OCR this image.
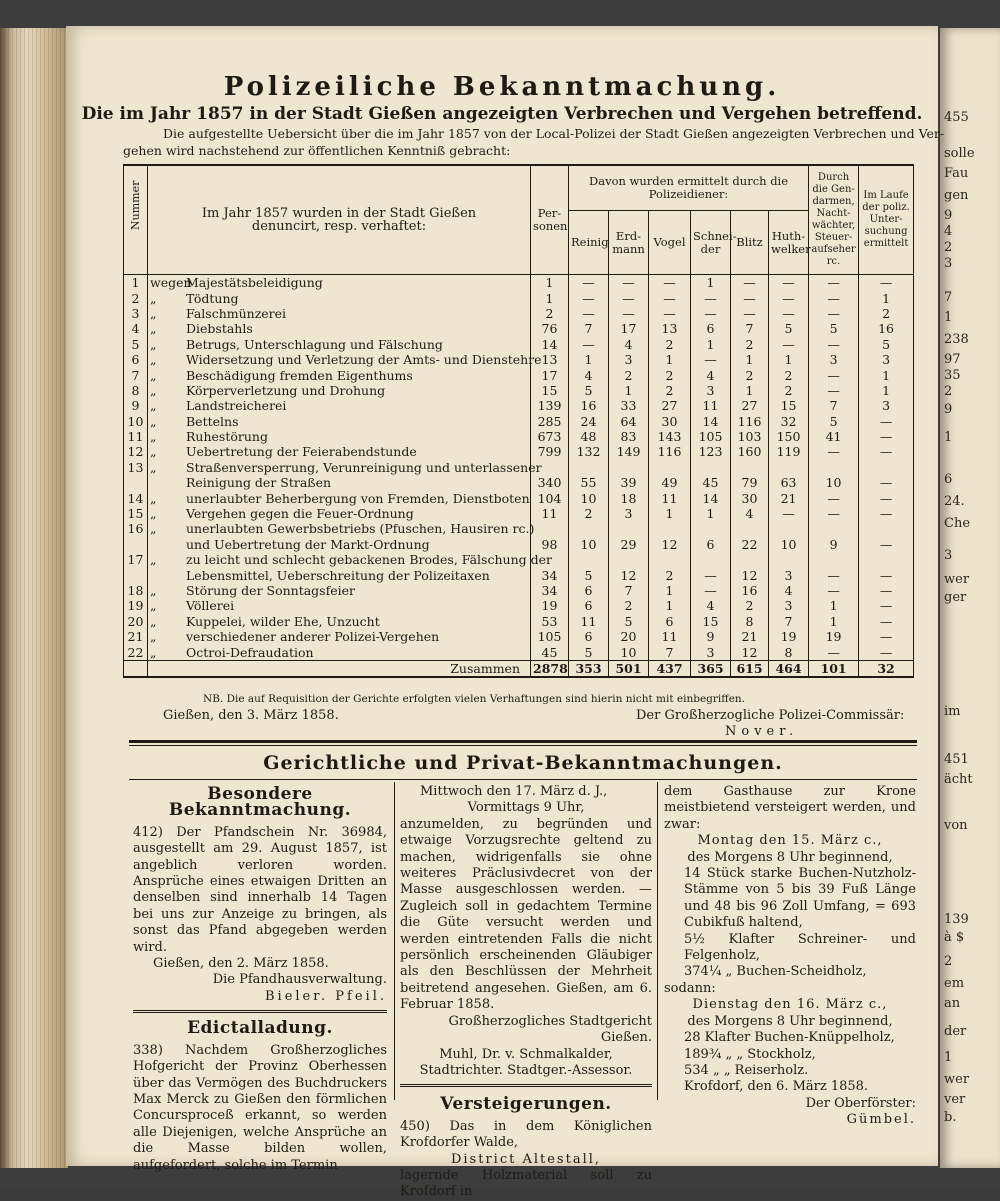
455
solle
Fau
gen
9
4
2
3
7
1
238
97
35
2
9
1
6
24.
Che
3
wer
ger
im
451
ächt
von
139
à $
2
em
an
der
1
wer
ver
b.
Polizeiliche Bekanntmachung.
Die im Jahr 1857 in der Stadt Gießen angezeigten Verbrechen und Vergehen betreffend.
Die aufgestellte Uebersicht über die im Jahr 1857 von der Local-Polizei der Stadt Gießen angezeigten Verbrechen und Ver-
gehen wird nachstehend zur öffentlichen Kenntniß gebracht:
Nummer	Im Jahr 1857 wurden in der Stadt Gießen denuncirt, resp. verhaftet:	Per-sonen	Davon wurden ermittelt durch die Polizeidiener:						Durch die Gen-darmen, Nacht-wächter, Steuer-aufseher rc.	Im Laufe der poliz. Unter-suchung ermittelt
			Reinig	Erd-mann	Vogel	Schnei-der	Blitz	Huth-welker		
1	wegenMajestätsbeleidigung	1	—	—	—	1	—	—	—	—
2	„ Tödtung	1	—	—	—	—	—	—	—	1
3	„ Falschmünzerei	2	—	—	—	—	—	—	—	2
4	„ Diebstahls	76	7	17	13	6	7	5	5	16
5	„ Betrugs, Unterschlagung und Fälschung	14	—	4	2	1	2	—	—	5
6	„ Widersetzung und Verletzung der Amts- und Dienstehre	13	1	3	1	—	1	1	3	3
7	„ Beschädigung fremden Eigenthums	17	4	2	2	4	2	2	—	1
8	„ Körperverletzung und Drohung	15	5	1	2	3	1	2	—	1
9	„ Landstreicherei	139	16	33	27	11	27	15	7	3
10	„ Bettelns	285	24	64	30	14	116	32	5	—
11	„ Ruhestörung	673	48	83	143	105	103	150	41	—
12	„ Uebertretung der Feierabendstunde	799	132	149	116	123	160	119	—	—
13	„ Straßenversperrung, Verunreinigung und unterlassener									
	Reinigung der Straßen	340	55	39	49	45	79	63	10	—
14	„ unerlaubter Beherbergung von Fremden, Dienstboten	104	10	18	11	14	30	21	—	—
15	„ Vergehen gegen die Feuer-Ordnung	11	2	3	1	1	4	—	—	—
16	„ unerlaubten Gewerbsbetriebs (Pfuschen, Hausiren rc.)									
	und Uebertretung der Markt-Ordnung	98	10	29	12	6	22	10	9	—
17	„ zu leicht und schlecht gebackenen Brodes, Fälschung der									
	Lebensmittel, Ueberschreitung der Polizeitaxen	34	5	12	2	—	12	3	—	—
18	„ Störung der Sonntagsfeier	34	6	7	1	—	16	4	—	—
19	„ Völlerei	19	6	2	1	4	2	3	1	—
20	„ Kuppelei, wilder Ehe, Unzucht	53	11	5	6	15	8	7	1	—
21	„ verschiedener anderer Polizei-Vergehen	105	6	20	11	9	21	19	19	—
22	„ Octroi-Defraudation	45	5	10	7	3	12	8	—	—
	Zusammen	2878	353	501	437	365	615	464	101	32
NB. Die auf Requisition der Gerichte erfolgten vielen Verhaftungen sind hierin nicht mit einbegriffen.
Gießen, den 3. März 1858.	Der Großherzogliche Polizei-Commissär:
Nover.
Gerichtliche und Privat-Bekanntmachungen.
Besondere Bekanntmachung.

412) Der Pfandschein Nr. 36984, ausgestellt am 29. August 1857, ist angeblich verloren worden. Ansprüche eines etwaigen Dritten an denselben sind innerhalb 14 Tagen bei uns zur Anzeige zu bringen, als sonst das Pfand abgegeben werden wird.

Gießen, den 2. März 1858.

Die Pfandhausverwaltung.

Bieler. Pfeil.

Edictalladung.

338) Nachdem Großherzogliches Hofgericht der Provinz Oberhessen über das Vermögen des Buchdruckers Max Merck zu Gießen den förmlichen Concursproceß erkannt, so werden alle Diejenigen, welche Ansprüche an die Masse bilden wollen, aufgefordert, solche im Termin

Mittwoch den 17. März d. J.,

Vormittags 9 Uhr,

anzumelden, zu begründen und etwaige Vorzugsrechte geltend zu machen, widrigenfalls sie ohne weiteres Präclusivdecret von der Masse ausgeschlossen werden. — Zugleich soll in gedachtem Termine die Güte versucht werden und werden eintretenden Falls die nicht persönlich erscheinenden Gläubiger als den Beschlüssen der Mehrheit beitretend angesehen. Gießen, am 6. Februar 1858.

Großherzogliches Stadtgericht Gießen.

Muhl, Dr. v. Schmalkalder,

Stadtrichter. Stadtger.-Assessor.

Versteigerungen.

450) Das in dem Königlichen Krofdorfer Walde,

District Altestall,

lagernde Holzmaterial soll zu Krofdorf in

dem Gasthause zur Krone meistbietend versteigert werden, und zwar:

Montag den 15. März c.,

des Morgens 8 Uhr beginnend,

14 Stück starke Buchen-Nutzholz-Stämme von 5 bis 39 Fuß Länge und 48 bis 96 Zoll Umfang, = 693 Cubikfuß haltend,

5½ Klafter Schreiner- und Felgenholz,

374¼ „ Buchen-Scheidholz,

sodann:

Dienstag den 16. März c.,

des Morgens 8 Uhr beginnend,

28 Klafter Buchen-Knüppelholz,

189¾ „ „ Stockholz,

534 „ „ Reiserholz.

Krofdorf, den 6. März 1858.

Der Oberförster:

Gümbel.
